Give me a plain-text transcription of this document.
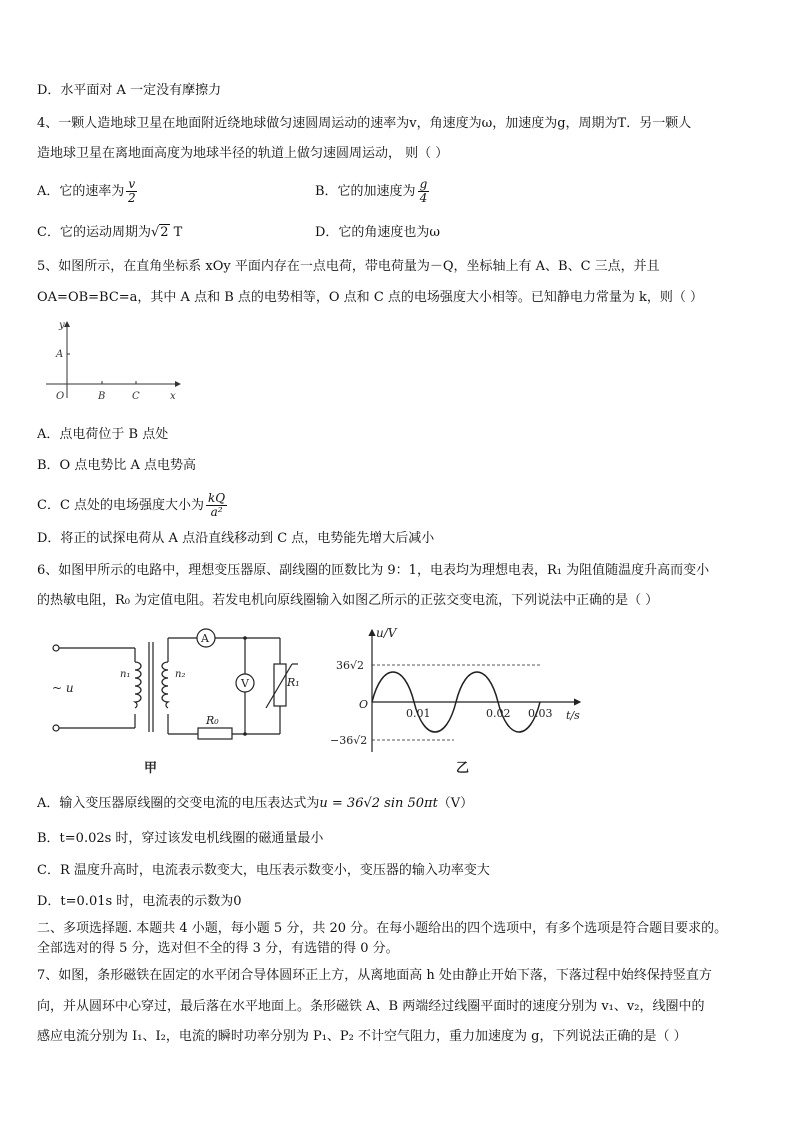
D．水平面对 A 一定没有摩擦力
4、一颗人造地球卫星在地面附近绕地球做匀速圆周运动的速率为v，角速度为ω，加速度为g，周期为T．另一颗人
造地球卫星在离地面高度为地球半径的轨道上做匀速圆周运动， 则（ ）
A．它的速率为 $\frac{v}{2}$	B．它的加速度为 $\frac{g}{4}$
C．它的运动周期为√2 T	D．它的角速度也为ω
5、如图所示，在直角坐标系 xOy 平面内存在一点电荷，带电荷量为－Q，坐标轴上有 A、B、C 三点，并且
OA=OB=BC=a，其中 A 点和 B 点的电势相等，O 点和 C 点的电场强度大小相等。已知静电力常量为 k，则（ ）
y
A
O	B	C	x
A．点电荷位于 B 点处
B．O 点电势比 A 点电势高
C．C 点处的电场强度大小为 $\frac{kQ}{\text{a²}}$
D．将正的试探电荷从 A 点沿直线移动到 C 点，电势能先增大后减小
6、如图甲所示的电路中，理想变压器原、副线圈的匝数比为 9：1，电表均为理想电表，R₁ 为阻值随温度升高而变小
的热敏电阻，R₀ 为定值电阻。若发电机向原线圈输入如图乙所示的正弦交变电流，下列说法中正确的是（ ）
~ u
n₁	n₂
A
V	R₁
R₀
甲
u/V
36√2
−36√2
O
0.01	0.02 0.03 t/s
乙
A．输入变压器原线圈的交变电流的电压表达式为u = 36√2 sin 50πt（V）
B．t=0.02s 时，穿过该发电机线圈的磁通量最小
C．R 温度升高时，电流表示数变大，电压表示数变小，变压器的输入功率变大
D．t=0.01s 时，电流表的示数为0
二、多项选择题. 本题共 4 小题，每小题 5 分，共 20 分。在每小题给出的四个选项中，有多个选项是符合题目要求的。
全部选对的得 5 分，选对但不全的得 3 分，有选错的得 0 分。
7、如图，条形磁铁在固定的水平闭合导体圆环正上方，从离地面高 h 处由静止开始下落，下落过程中始终保持竖直方
向，并从圆环中心穿过，最后落在水平地面上。条形磁铁 A、B 两端经过线圈平面时的速度分别为 v₁、v₂，线圈中的
感应电流分别为 I₁、I₂，电流的瞬时功率分别为 P₁、P₂ 不计空气阻力，重力加速度为 g，下列说法正确的是（ ）
